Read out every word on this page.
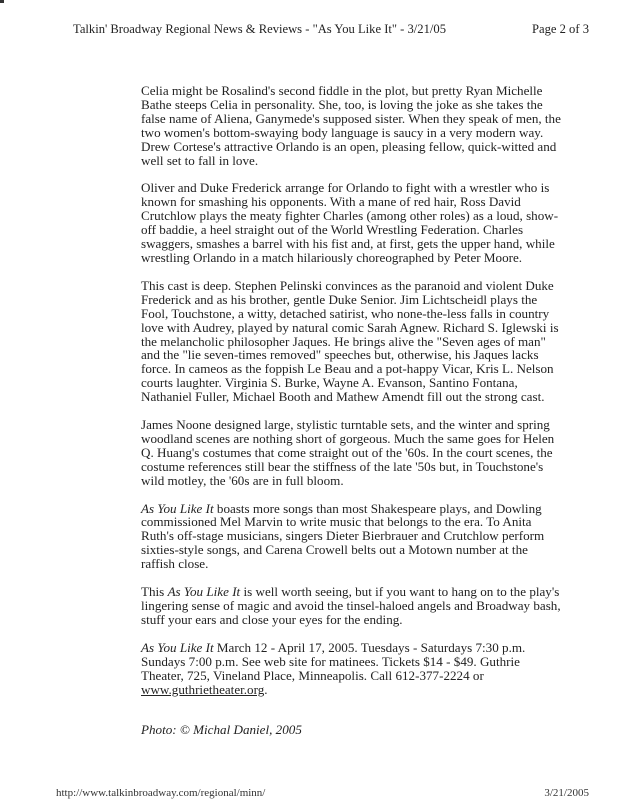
Talkin' Broadway Regional News & Reviews - "As You Like It" - 3/21/05	Page 2 of 3

Celia might be Rosalind's second fiddle in the plot, but pretty Ryan Michelle Bathe steeps Celia in personality. She, too, is loving the joke as she takes the false name of Aliena, Ganymede's supposed sister. When they speak of men, the two women's bottom-swaying body language is saucy in a very modern way. Drew Cortese's attractive Orlando is an open, pleasing fellow, quick-witted and well set to fall in love.

Oliver and Duke Frederick arrange for Orlando to fight with a wrestler who is known for smashing his opponents. With a mane of red hair, Ross David Crutchlow plays the meaty fighter Charles (among other roles) as a loud, show-off baddie, a heel straight out of the World Wrestling Federation. Charles swaggers, smashes a barrel with his fist and, at first, gets the upper hand, while wrestling Orlando in a match hilariously choreographed by Peter Moore.

This cast is deep. Stephen Pelinski convinces as the paranoid and violent Duke Frederick and as his brother, gentle Duke Senior. Jim Lichtscheidl plays the Fool, Touchstone, a witty, detached satirist, who none-the-less falls in country love with Audrey, played by natural comic Sarah Agnew. Richard S. Iglewski is the melancholic philosopher Jaques. He brings alive the "Seven ages of man" and the "lie seven-times removed" speeches but, otherwise, his Jaques lacks force. In cameos as the foppish Le Beau and a pot-happy Vicar, Kris L. Nelson courts laughter. Virginia S. Burke, Wayne A. Evanson, Santino Fontana, Nathaniel Fuller, Michael Booth and Mathew Amendt fill out the strong cast.

James Noone designed large, stylistic turntable sets, and the winter and spring woodland scenes are nothing short of gorgeous. Much the same goes for Helen Q. Huang's costumes that come straight out of the '60s. In the court scenes, the costume references still bear the stiffness of the late '50s but, in Touchstone's wild motley, the '60s are in full bloom.

As You Like It boasts more songs than most Shakespeare plays, and Dowling commissioned Mel Marvin to write music that belongs to the era. To Anita Ruth's off-stage musicians, singers Dieter Bierbrauer and Crutchlow perform sixties-style songs, and Carena Crowell belts out a Motown number at the raffish close.

This As You Like It is well worth seeing, but if you want to hang on to the play's lingering sense of magic and avoid the tinsel-haloed angels and Broadway bash, stuff your ears and close your eyes for the ending.

As You Like It March 12 - April 17, 2005. Tuesdays - Saturdays 7:30 p.m. Sundays 7:00 p.m. See web site for matinees. Tickets $14 - $49. Guthrie Theater, 725, Vineland Place, Minneapolis. Call 612-377-2224 or www.guthrietheater.org.

Photo: © Michal Daniel, 2005

http://www.talkinbroadway.com/regional/minn/	3/21/2005
